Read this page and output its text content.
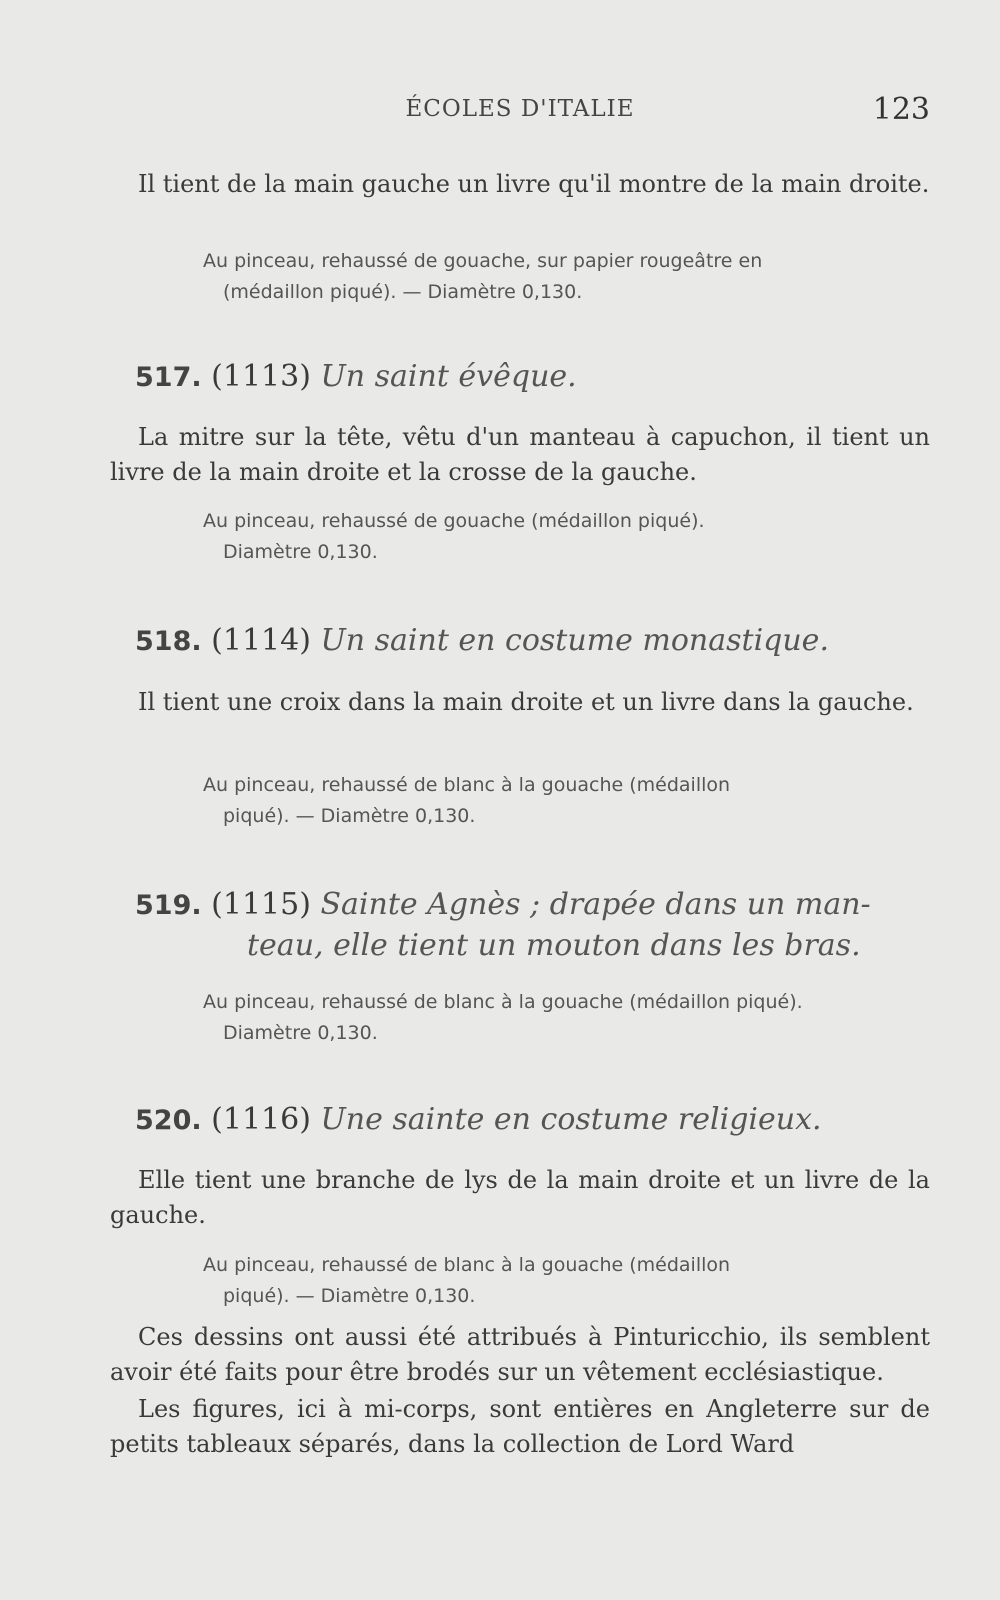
ÉCOLES D'ITALIE	123
Il tient de la main gauche un livre qu'il montre de la main droite.
Au pinceau, rehaussé de gouache, sur papier rougeâtre en
(médaillon piqué). — Diamètre 0,130.
517. (1113) Un saint évêque.
La mitre sur la tête, vêtu d'un manteau à capuchon, il tient un livre de la main droite et la crosse de la gauche.
Au pinceau, rehaussé de gouache (médaillon piqué).
Diamètre 0,130.
518. (1114) Un saint en costume monastique.
Il tient une croix dans la main droite et un livre dans la gauche.
Au pinceau, rehaussé de blanc à la gouache (médaillon
piqué). — Diamètre 0,130.
519. (1115) Sainte Agnès ; drapée dans un man-
teau, elle tient un mouton dans les bras.
Au pinceau, rehaussé de blanc à la gouache (médaillon piqué).
Diamètre 0,130.
520. (1116) Une sainte en costume religieux.
Elle tient une branche de lys de la main droite et un livre de la gauche.
Au pinceau, rehaussé de blanc à la gouache (médaillon
piqué). — Diamètre 0,130.
Ces dessins ont aussi été attribués à Pinturicchio, ils semblent avoir été faits pour être brodés sur un vêtement ecclésiastique.
Les figures, ici à mi-corps, sont entières en Angleterre sur de petits tableaux séparés, dans la collection de Lord Ward
